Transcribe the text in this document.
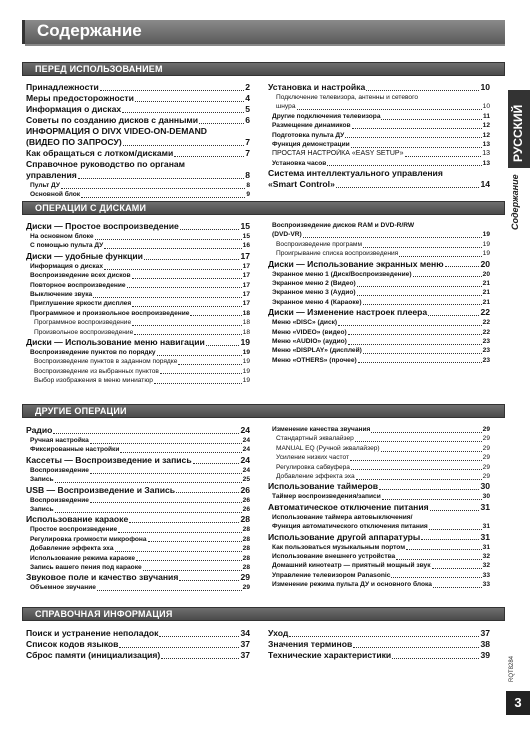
Содержание
ПЕРЕД ИСПОЛЬЗОВАНИЕМ
Принадлежности	2
Меры предосторожности	4
Информация о дисках	5
Советы по созданию дисков с данными	6
ИНФОРМАЦИЯ О DIVX VIDEO-ON-DEMAND
(ВИДЕО ПО ЗАПРОСУ)	7
Как обращаться с лотком/дисками	7
Справочное руководство по органам
управления	8
Пульт ДУ	8
Основной блок	9
Установка и настройка	10
Подключение телевизора, антенны и сетевого
шнура	10
Другие подключения телевизора	11
Размещение динамиков	12
Подготовка пульта ДУ	12
Функция демонстрации	13
ПРОСТАЯ НАСТРОЙКА «EASY SETUP»	13
Установка часов	13
Система интеллектуального управления
«Smart Control»	14
ОПЕРАЦИИ С ДИСКАМИ
Диски — Простое воспроизведение	15
На основном блоке	15
С помощью пульта ДУ	16
Диски — удобные функции	17
Информация о дисках	17
Воспроизведение всех дисков	17
Повторное воспроизведение	17
Выключение звука	17
Приглушение яркости дисплея	17
Программное и произвольное воспроизведение	18
Программное воспроизведение	18
Произвольное воспроизведение	18
Диски — Использование меню навигации	19
Воспроизведение пунктов по порядку	19
Воспроизведение пунктов в заданном порядке	19
Воспроизведение из выбранных пунктов	19
Выбор изображения в меню миниатюр	19
Воспроизведение дисков RAM и DVD-R/RW
(DVD-VR)	19
Воспроизведение программ	19
Проигрывание списка воспроизведения	19
Диски — Использование экранных меню	20
Экранное меню 1 (Диск/Воспроизведение)	20
Экранное меню 2 (Видео)	21
Экранное меню 3 (Аудио)	21
Экранное меню 4 (Караоке)	21
Диски — Изменение настроек плеера	22
Меню «DISC» (диск)	22
Меню «VIDEO» (видео)	22
Меню «AUDIO» (аудио)	23
Меню «DISPLAY» (дисплей)	23
Меню «OTHERS» (прочее)	23
ДРУГИЕ ОПЕРАЦИИ
Радио	24
Ручная настройка	24
Фиксированные настройки	24
Кассеты — Воспроизведение и запись	24
Воспроизведение	24
Запись	25
USB — Воспроизведение и Запись	26
Воспроизведение	26
Запись	26
Использование караоке	28
Простое воспроизведение	28
Регулировка громкости микрофона	28
Добавление эффекта эха	28
Использование режима караоке	28
Запись вашего пения под караоке	28
Звуковое поле и качество звучания	29
Объемное звучание	29
Изменение качества звучания	29
Стандартный эквалайзер	29
MANUAL EQ (Ручной эквалайзер)	29
Усиление низких частот	29
Регулировка сабвуфера	29
Добавление эффекта эха	29
Использование таймеров	30
Таймер воспроизведения/записи	30
Автоматическое отключение питания	31
Использование таймера автовыключения/
Функция автоматического отключения питания	31
Использование другой аппаратуры	31
Как пользоваться музыкальным портом	31
Использование внешнего устройства	32
Домашний кинотеатр — приятный мощный звук	32
Управление телевизором Panasonic	33
Изменение режима пульта ДУ и основного блока	33
СПРАВОЧНАЯ ИНФОРМАЦИЯ
Поиск и устранение неполадок	34
Список кодов языков	37
Сброс памяти (инициализация)	37
Уход	37
Значения терминов	38
Технические характеристики	39
РУССКИЙ
Содержание
RQT8284
3
